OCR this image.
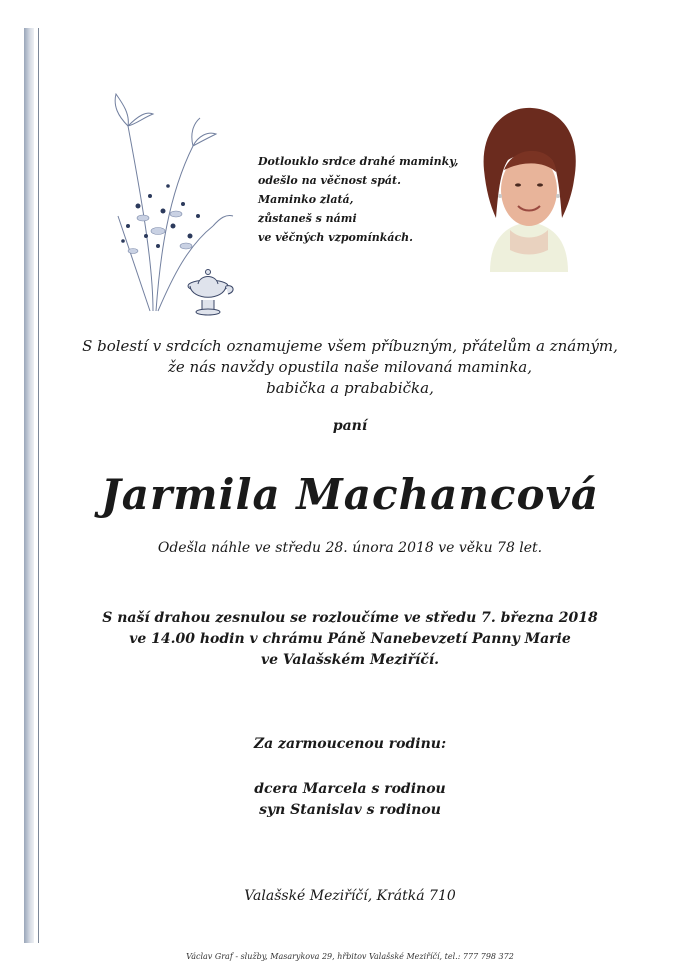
Dotlouklo srdce drahé maminky,
odešlo na věčnost spát.
Maminko zlatá,
zůstaneš s námi
ve věčných vzpomínkách.
S bolestí v srdcích oznamujeme všem příbuzným, přátelům a známým,
že nás navždy opustila naše milovaná maminka,
babička a prababička,
paní
Jarmila Machancová
Odešla náhle ve středu 28. února 2018 ve věku 78 let.
S naší drahou zesnulou se rozloučíme ve středu 7. března 2018
ve 14.00 hodin v chrámu Páně Nanebevzetí Panny Marie
ve Valašském Meziříčí.
Za zarmoucenou rodinu:
dcera Marcela s rodinou
syn Stanislav s rodinou
Valašské Meziříčí, Krátká 710
Václav Graf - služby, Masarykova 29, hřbitov Valašské Meziříčí, tel.: 777 798 372
